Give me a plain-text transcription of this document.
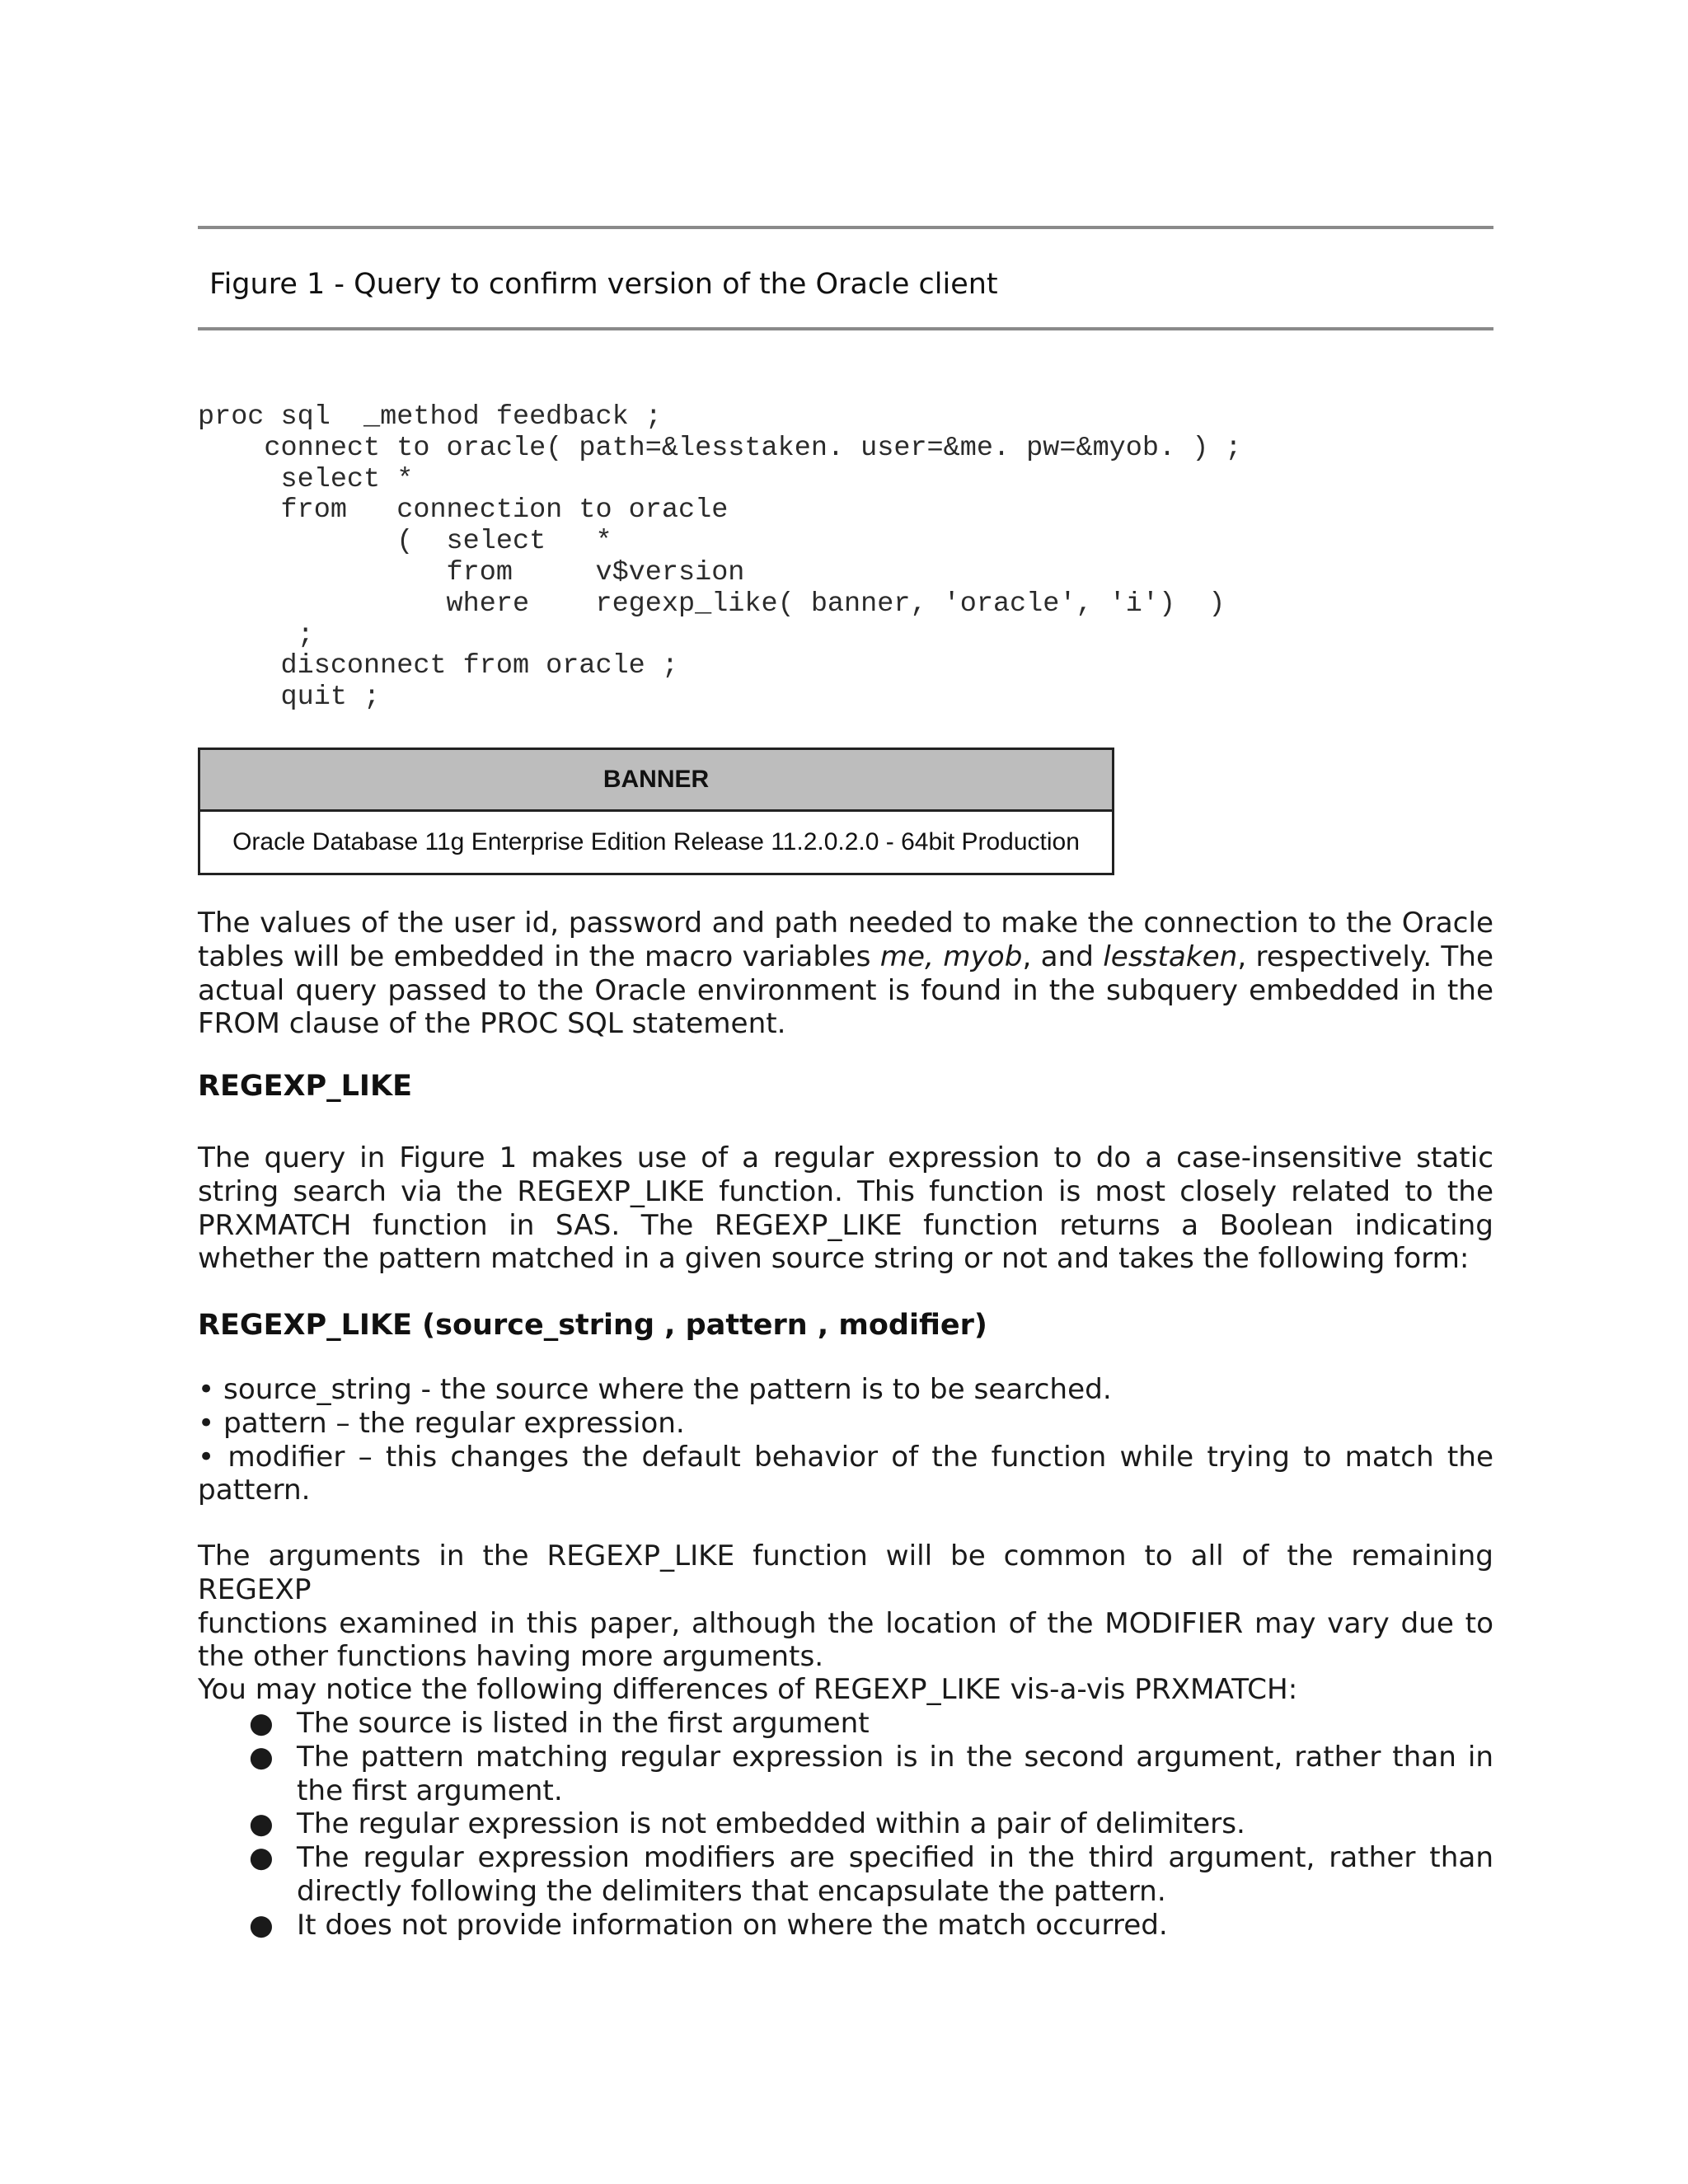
Figure 1 - Query to confirm version of the Oracle client
proc sql  _method feedback ;
connect to oracle( path=&lesstaken. user=&me. pw=&myob. ) ;
select *
from   connection to oracle
(  select   *
from     v$version
where    regexp_like( banner, 'oracle', 'i')  )
;
disconnect from oracle ;
quit ;
BANNER
Oracle Database 11g Enterprise Edition Release 11.2.0.2.0 - 64bit Production
The values of the user id, password and path needed to make the connection to the Oracle
tables will be embedded in the macro variables me, myob, and lesstaken, respectively. The
actual query passed to the Oracle environment is found in the subquery embedded in the
FROM clause of the PROC SQL statement.
REGEXP_LIKE
The query in Figure 1 makes use of a regular expression to do a case-insensitive static
string search via the REGEXP_LIKE function. This function is most closely related to the
PRXMATCH function in SAS. The REGEXP_LIKE function returns a Boolean indicating
whether the pattern matched in a given source string or not and takes the following form:
REGEXP_LIKE (source_string , pattern , modifier)
• source_string - the source where the pattern is to be searched.
• pattern – the regular expression.
• modifier – this changes the default behavior of the function while trying to match the
pattern.
The arguments in the REGEXP_LIKE function will be common to all of the remaining REGEXP
functions examined in this paper, although the location of the MODIFIER may vary due to
the other functions having more arguments.
You may notice the following differences of REGEXP_LIKE vis-a-vis PRXMATCH:
● The source is listed in the first argument
● The pattern matching regular expression is in the second argument, rather than in the first argument.
● The regular expression is not embedded within a pair of delimiters.
● The regular expression modifiers are specified in the third argument, rather than directly following the delimiters that encapsulate the pattern.
● It does not provide information on where the match occurred.
